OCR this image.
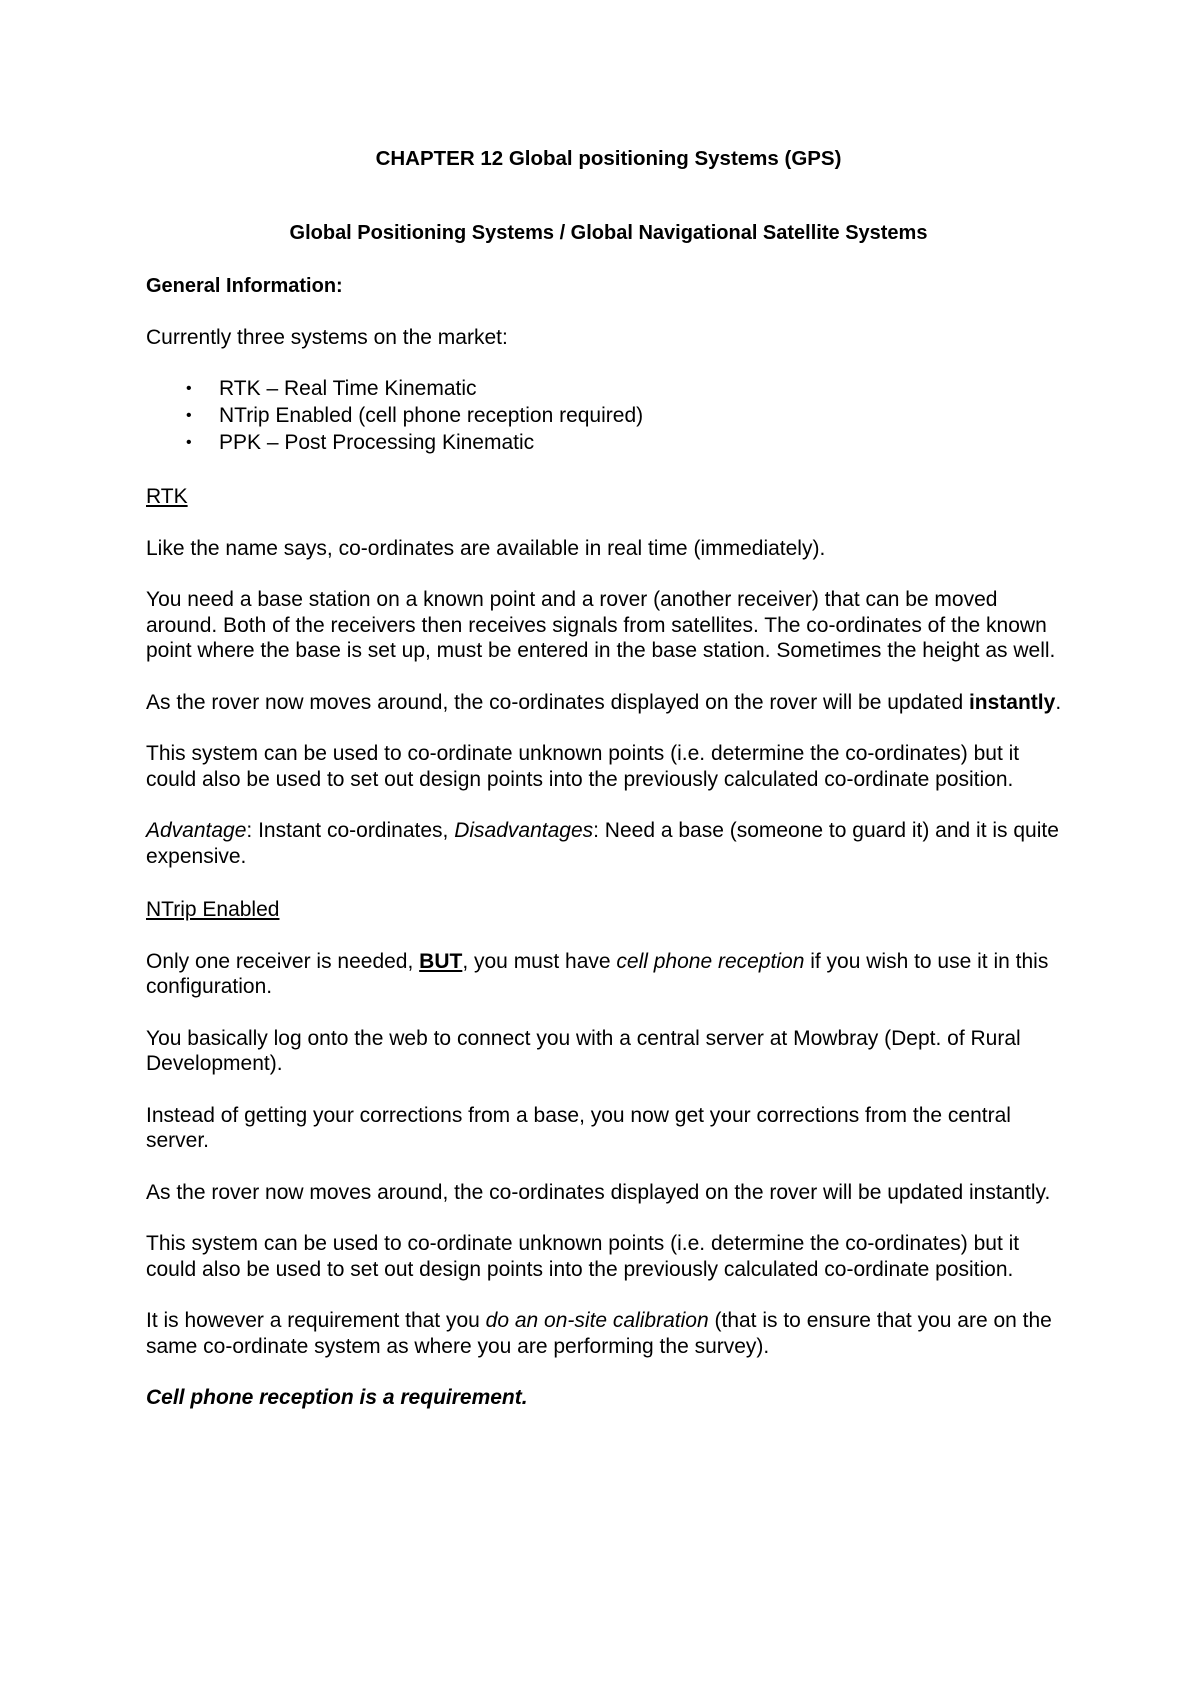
CHAPTER 12 Global positioning Systems (GPS)
Global Positioning Systems / Global Navigational Satellite Systems
General Information:

Currently three systems on the market:

• RTK – Real Time Kinematic
• NTrip Enabled (cell phone reception required)
• PPK – Post Processing Kinematic

RTK

Like the name says, co-ordinates are available in real time (immediately).

You need a base station on a known point and a rover (another receiver) that can be moved around. Both of the receivers then receives signals from satellites. The co-ordinates of the known point where the base is set up, must be entered in the base station. Sometimes the height as well.

As the rover now moves around, the co-ordinates displayed on the rover will be updated instantly.

This system can be used to co-ordinate unknown points (i.e. determine the co-ordinates) but it could also be used to set out design points into the previously calculated co-ordinate position.

Advantage: Instant co-ordinates, Disadvantages: Need a base (someone to guard it) and it is quite expensive.

NTrip Enabled

Only one receiver is needed, BUT, you must have cell phone reception if you wish to use it in this configuration.

You basically log onto the web to connect you with a central server at Mowbray (Dept. of Rural Development).

Instead of getting your corrections from a base, you now get your corrections from the central server.

As the rover now moves around, the co-ordinates displayed on the rover will be updated instantly.

This system can be used to co-ordinate unknown points (i.e. determine the co-ordinates) but it could also be used to set out design points into the previously calculated co-ordinate position.

It is however a requirement that you do an on-site calibration (that is to ensure that you are on the same co-ordinate system as where you are performing the survey).

Cell phone reception is a requirement.
